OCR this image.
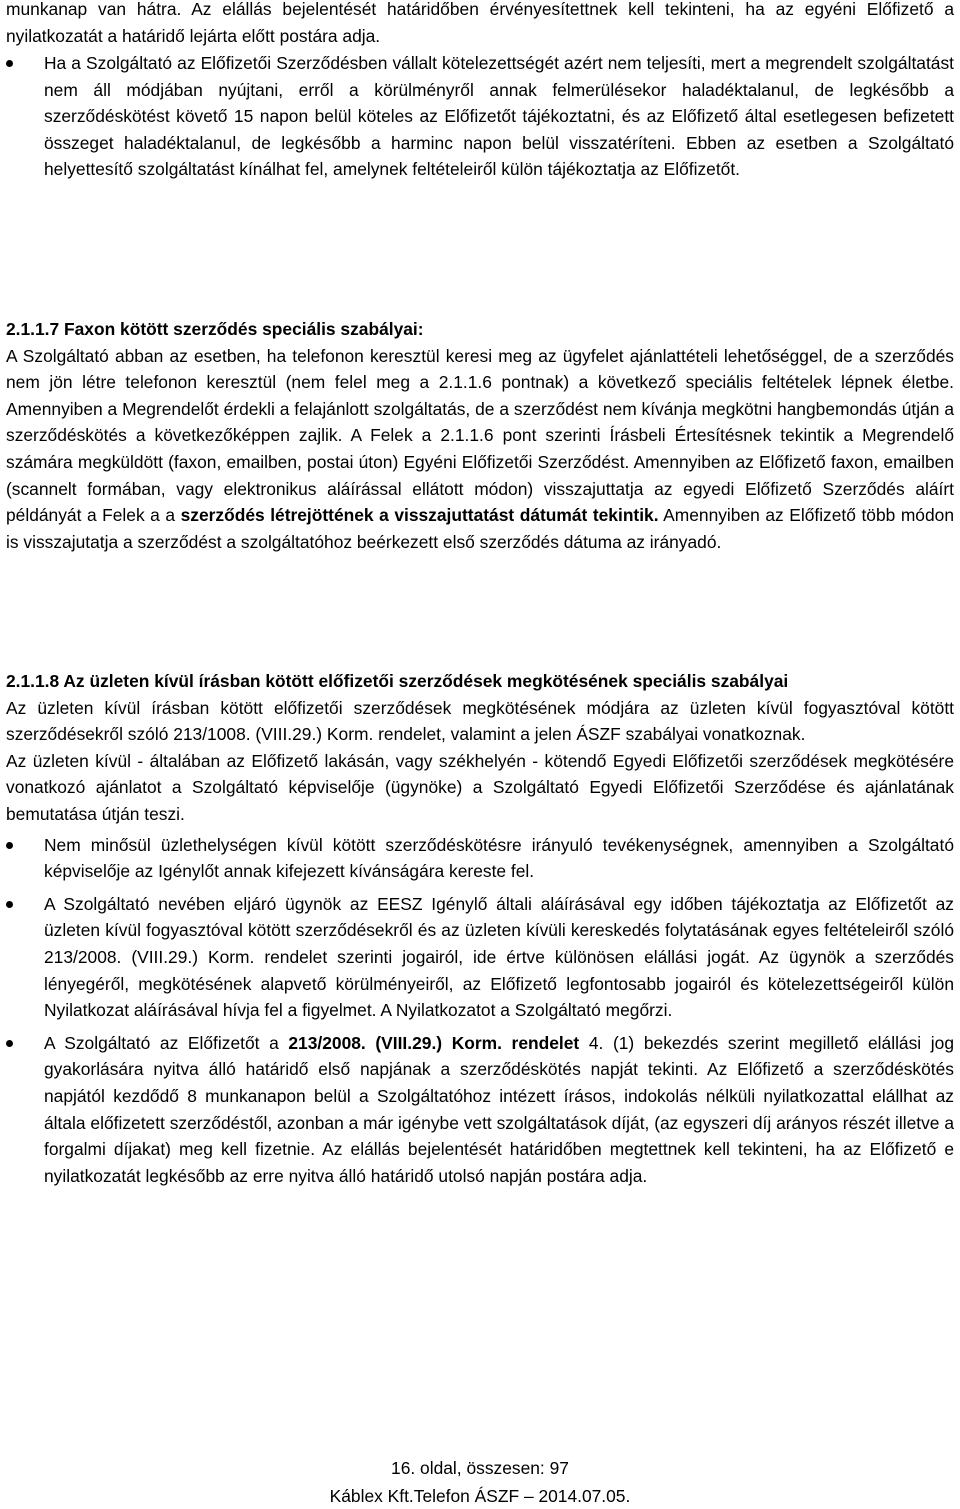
munkanap van hátra. Az elállás bejelentését határidőben érvényesítettnek kell tekinteni, ha az egyéni Előfizető a nyilatkozatát a határidő lejárta előtt postára adja.

Ha a Szolgáltató az Előfizetői Szerződésben vállalt kötelezettségét azért nem teljesíti, mert a megrendelt szolgáltatást nem áll módjában nyújtani, erről a körülményről annak felmerülésekor haladéktalanul, de legkésőbb a szerződéskötést követő 15 napon belül köteles az Előfizetőt tájékoztatni, és az Előfizető által esetlegesen befizetett összeget haladéktalanul, de legkésőbb a harminc napon belül visszatéríteni. Ebben az esetben a Szolgáltató helyettesítő szolgáltatást kínálhat fel, amelynek feltételeiről külön tájékoztatja az Előfizetőt.

2.1.1.7 Faxon kötött szerződés speciális szabályai:

A Szolgáltató abban az esetben, ha telefonon keresztül keresi meg az ügyfelet ajánlattételi lehetőséggel, de a szerződés nem jön létre telefonon keresztül (nem felel meg a 2.1.1.6 pontnak) a következő speciális feltételek lépnek életbe. Amennyiben a Megrendelőt érdekli a felajánlott szolgáltatás, de a szerződést nem kívánja megkötni hangbemondás útján a szerződéskötés a következőképpen zajlik. A Felek a 2.1.1.6 pont szerinti Írásbeli Értesítésnek tekintik a Megrendelő számára megküldött (faxon, emailben, postai úton) Egyéni Előfizetői Szerződést. Amennyiben az Előfizető faxon, emailben (scannelt formában, vagy elektronikus aláírással ellátott módon) visszajuttatja az egyedi Előfizető Szerződés aláírt példányát a Felek a a szerződés létrejöttének a visszajuttatást dátumát tekintik. Amennyiben az Előfizető több módon is visszajutatja a szerződést a szolgáltatóhoz beérkezett első szerződés dátuma az irányadó.

2.1.1.8 Az üzleten kívül írásban kötött előfizetői szerződések megkötésének speciális szabályai

Az üzleten kívül írásban kötött előfizetői szerződések megkötésének módjára az üzleten kívül fogyasztóval kötött szerződésekről szóló 213/1008. (VIII.29.) Korm. rendelet, valamint a jelen ÁSZF szabályai vonatkoznak.

Az üzleten kívül - általában az Előfizető lakásán, vagy székhelyén - kötendő Egyedi Előfizetői szerződések megkötésére vonatkozó ajánlatot a Szolgáltató képviselője (ügynöke) a Szolgáltató Egyedi Előfizetői Szerződése és ajánlatának bemutatása útján teszi.

Nem minősül üzlethelységen kívül kötött szerződéskötésre irányuló tevékenységnek, amennyiben a Szolgáltató képviselője az Igénylőt annak kifejezett kívánságára kereste fel.

A Szolgáltató nevében eljáró ügynök az EESZ Igénylő általi aláírásával egy időben tájékoztatja az Előfizetőt az üzleten kívül fogyasztóval kötött szerződésekről és az üzleten kívüli kereskedés folytatásának egyes feltételeiről szóló 213/2008. (VIII.29.) Korm. rendelet szerinti jogairól, ide értve különösen elállási jogát. Az ügynök a szerződés lényegéről, megkötésének alapvető körülményeiről, az Előfizető legfontosabb jogairól és kötelezettségeiről külön Nyilatkozat aláírásával hívja fel a figyelmet. A Nyilatkozatot a Szolgáltató megőrzi.

A Szolgáltató az Előfizetőt a 213/2008. (VIII.29.) Korm. rendelet 4. (1) bekezdés szerint megillető elállási jog gyakorlására nyitva álló határidő első napjának a szerződéskötés napját tekinti. Az Előfizető a szerződéskötés napjától kezdődő 8 munkanapon belül a Szolgáltatóhoz intézett írásos, indokolás nélküli nyilatkozattal elállhat az általa előfizetett szerződéstől, azonban a már igénybe vett szolgáltatások díját, (az egyszeri díj arányos részét illetve a forgalmi díjakat) meg kell fizetnie. Az elállás bejelentését határidőben megtettnek kell tekinteni, ha az Előfizető e nyilatkozatát legkésőbb az erre nyitva álló határidő utolsó napján postára adja.

16. oldal, összesen: 97
Káblex Kft.Telefon ÁSZF – 2014.07.05.
